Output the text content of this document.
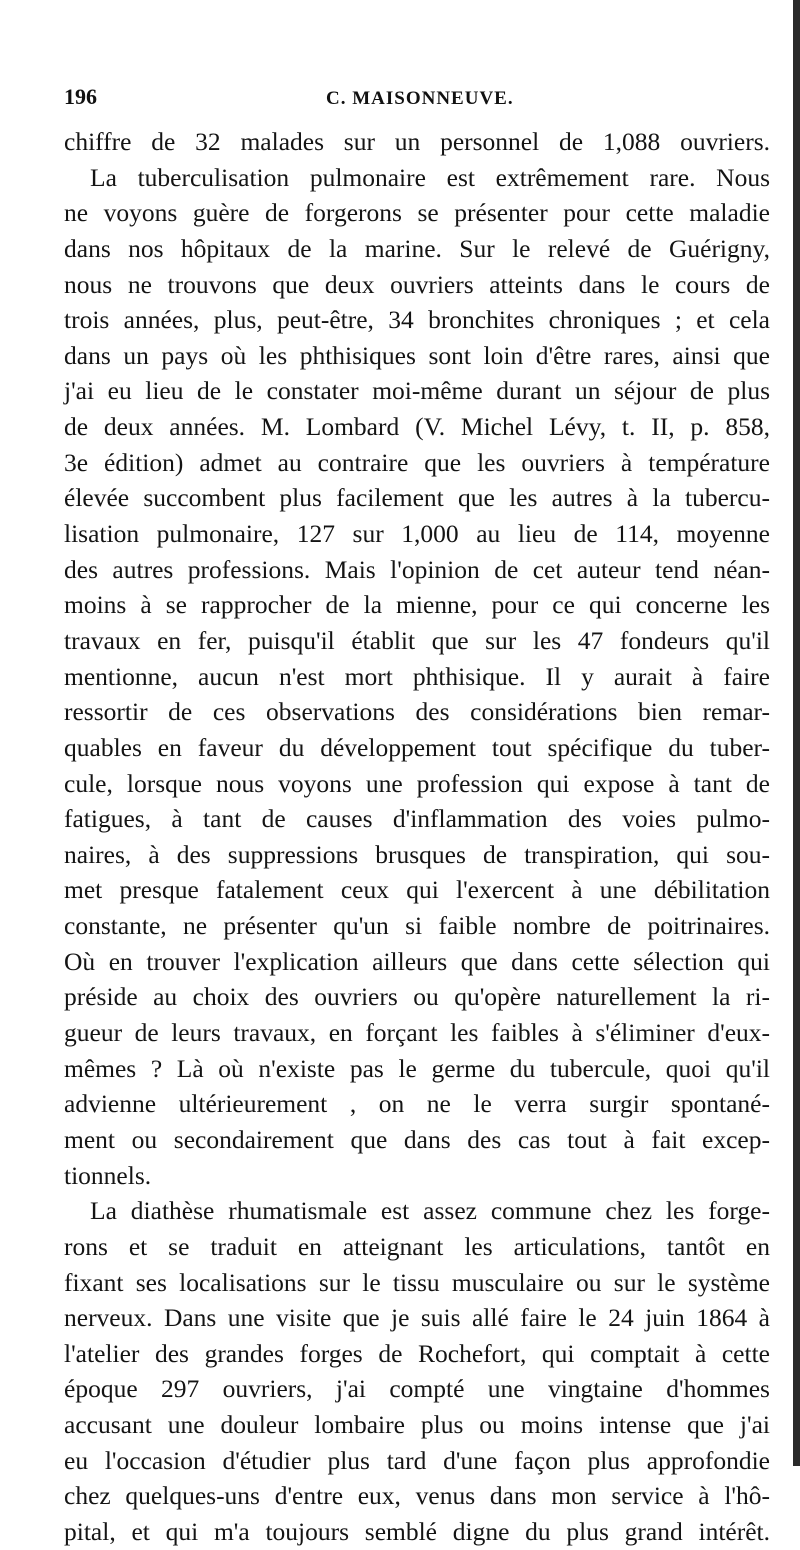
196	C. MAISONNEUVE.
chiffre de 32 malades sur un personnel de 1,088 ouvriers.
La tuberculisation pulmonaire est extrêmement rare. Nous
ne voyons guère de forgerons se présenter pour cette maladie
dans nos hôpitaux de la marine. Sur le relevé de Guérigny,
nous ne trouvons que deux ouvriers atteints dans le cours de
trois années, plus, peut-être, 34 bronchites chroniques ; et cela
dans un pays où les phthisiques sont loin d'être rares, ainsi que
j'ai eu lieu de le constater moi-même durant un séjour de plus
de deux années. M. Lombard (V. Michel Lévy, t. II, p. 858,
3e édition) admet au contraire que les ouvriers à température
élevée succombent plus facilement que les autres à la tubercu-
lisation pulmonaire, 127 sur 1,000 au lieu de 114, moyenne
des autres professions. Mais l'opinion de cet auteur tend néan-
moins à se rapprocher de la mienne, pour ce qui concerne les
travaux en fer, puisqu'il établit que sur les 47 fondeurs qu'il
mentionne, aucun n'est mort phthisique. Il y aurait à faire
ressortir de ces observations des considérations bien remar-
quables en faveur du développement tout spécifique du tuber-
cule, lorsque nous voyons une profession qui expose à tant de
fatigues, à tant de causes d'inflammation des voies pulmo-
naires, à des suppressions brusques de transpiration, qui sou-
met presque fatalement ceux qui l'exercent à une débilitation
constante, ne présenter qu'un si faible nombre de poitrinaires.
Où en trouver l'explication ailleurs que dans cette sélection qui
préside au choix des ouvriers ou qu'opère naturellement la ri-
gueur de leurs travaux, en forçant les faibles à s'éliminer d'eux-
mêmes ? Là où n'existe pas le germe du tubercule, quoi qu'il
advienne ultérieurement , on ne le verra surgir spontané-
ment ou secondairement que dans des cas tout à fait excep-
tionnels.
La diathèse rhumatismale est assez commune chez les forge-
rons et se traduit en atteignant les articulations, tantôt en
fixant ses localisations sur le tissu musculaire ou sur le système
nerveux. Dans une visite que je suis allé faire le 24 juin 1864 à
l'atelier des grandes forges de Rochefort, qui comptait à cette
époque 297 ouvriers, j'ai compté une vingtaine d'hommes
accusant une douleur lombaire plus ou moins intense que j'ai
eu l'occasion d'étudier plus tard d'une façon plus approfondie
chez quelques-uns d'entre eux, venus dans mon service à l'hô-
pital, et qui m'a toujours semblé digne du plus grand intérêt.
